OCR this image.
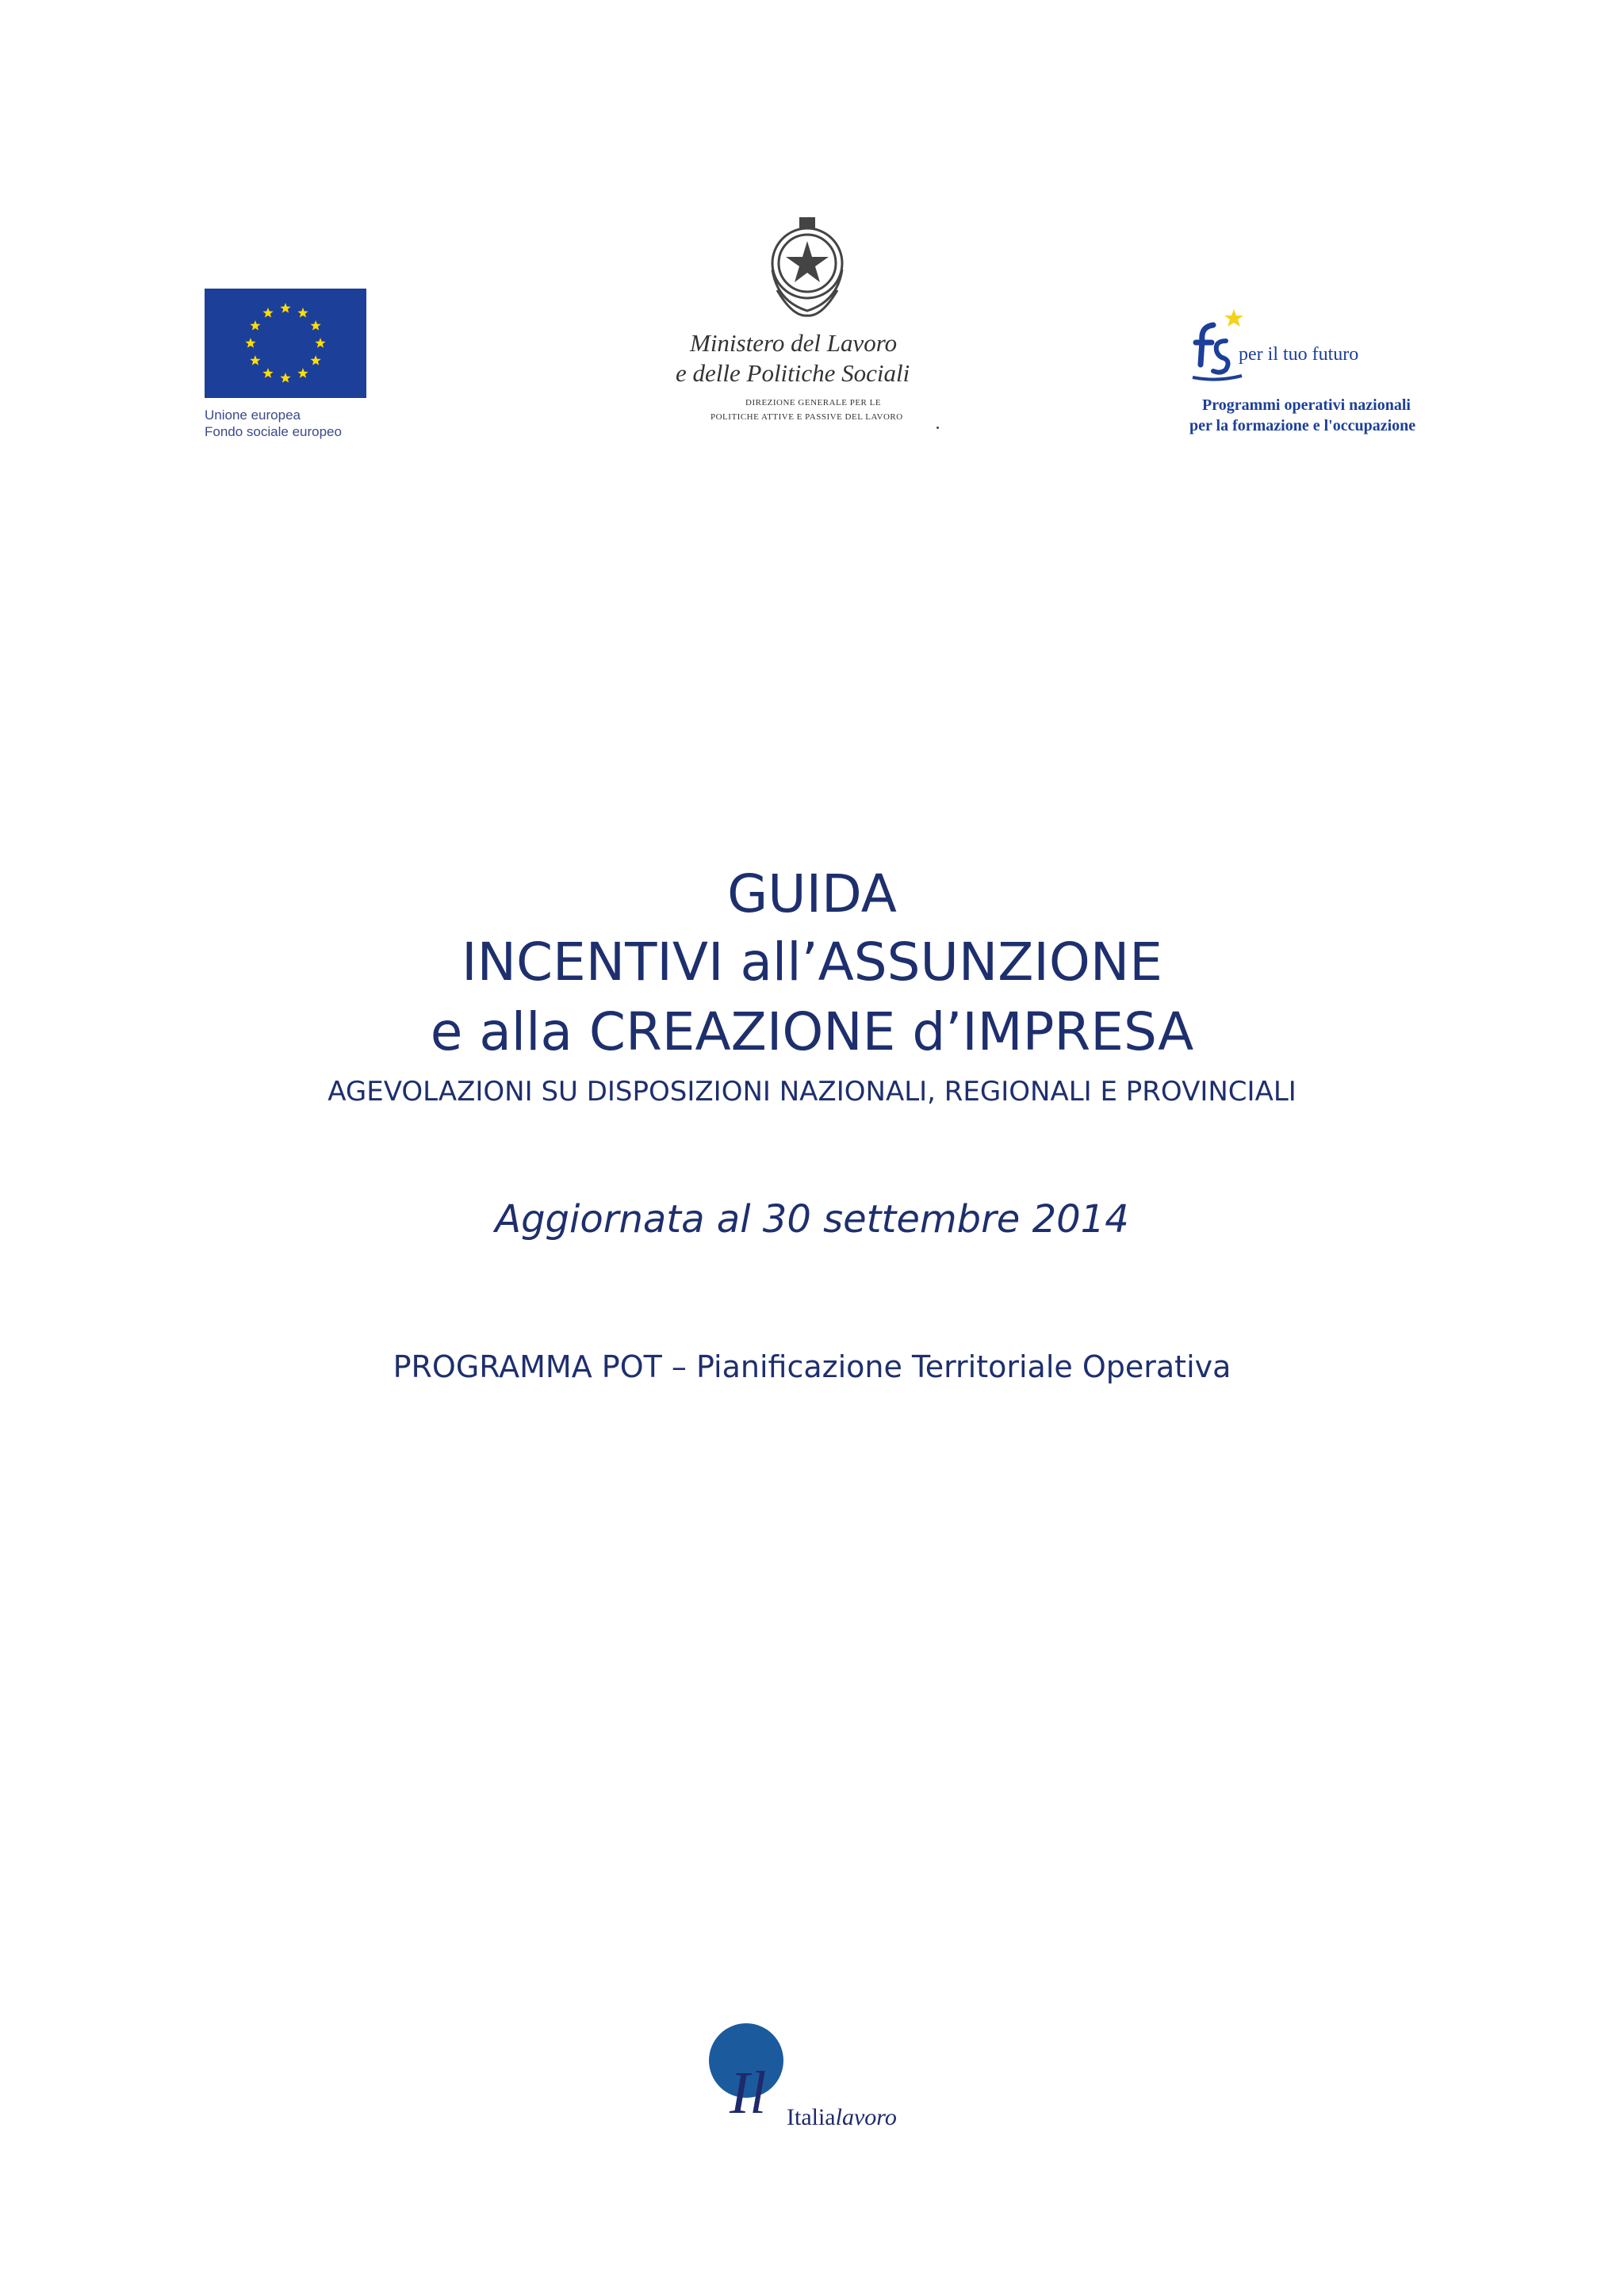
Unione europea
Fondo sociale europeo
Ministero del Lavoro
e delle Politiche Sociali
DIREZIONE GENERALE PER LE
POLITICHE ATTIVE E PASSIVE DEL LAVORO
per il tuo futuro
Programmi operativi nazionali
per la formazione e l'occupazione
GUIDA
INCENTIVI all’ASSUNZIONE
e alla CREAZIONE d’IMPRESA
AGEVOLAZIONI SU DISPOSIZIONI NAZIONALI, REGIONALI E PROVINCIALI
Aggiornata al 30 settembre 2014
PROGRAMMA POT – Pianificazione Territoriale Operativa
Il Italialavoro
